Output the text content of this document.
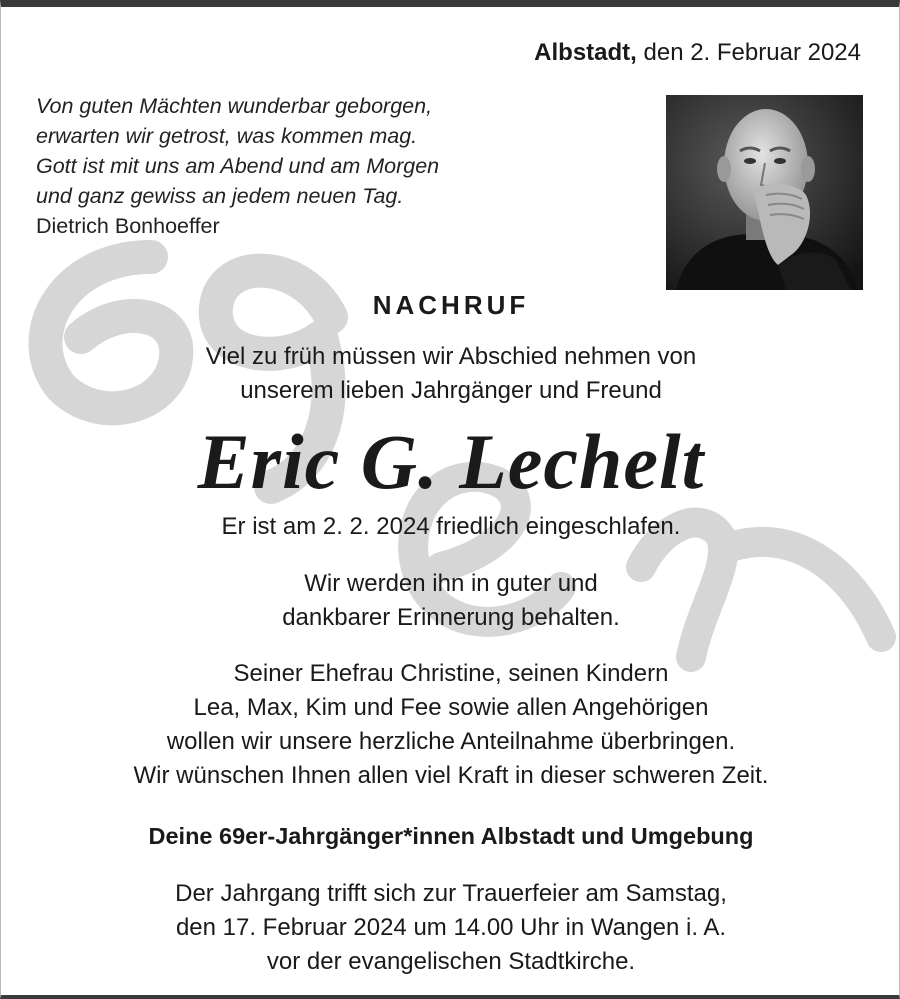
Albstadt, den 2. Februar 2024
Von guten Mächten wunderbar geborgen,
erwarten wir getrost, was kommen mag.
Gott ist mit uns am Abend und am Morgen
und ganz gewiss an jedem neuen Tag.
Dietrich Bonhoeffer
NACHRUF
Viel zu früh müssen wir Abschied nehmen von
unserem lieben Jahrgänger und Freund
Eric G. Lechelt
Er ist am 2. 2. 2024 friedlich eingeschlafen.
Wir werden ihn in guter und
dankbarer Erinnerung behalten.
Seiner Ehefrau Christine, seinen Kindern
Lea, Max, Kim und Fee sowie allen Angehörigen
wollen wir unsere herzliche Anteilnahme überbringen.
Wir wünschen Ihnen allen viel Kraft in dieser schweren Zeit.
Deine 69er-Jahrgänger*innen Albstadt und Umgebung
Der Jahrgang trifft sich zur Trauerfeier am Samstag,
den 17. Februar 2024 um 14.00 Uhr in Wangen i. A.
vor der evangelischen Stadtkirche.
